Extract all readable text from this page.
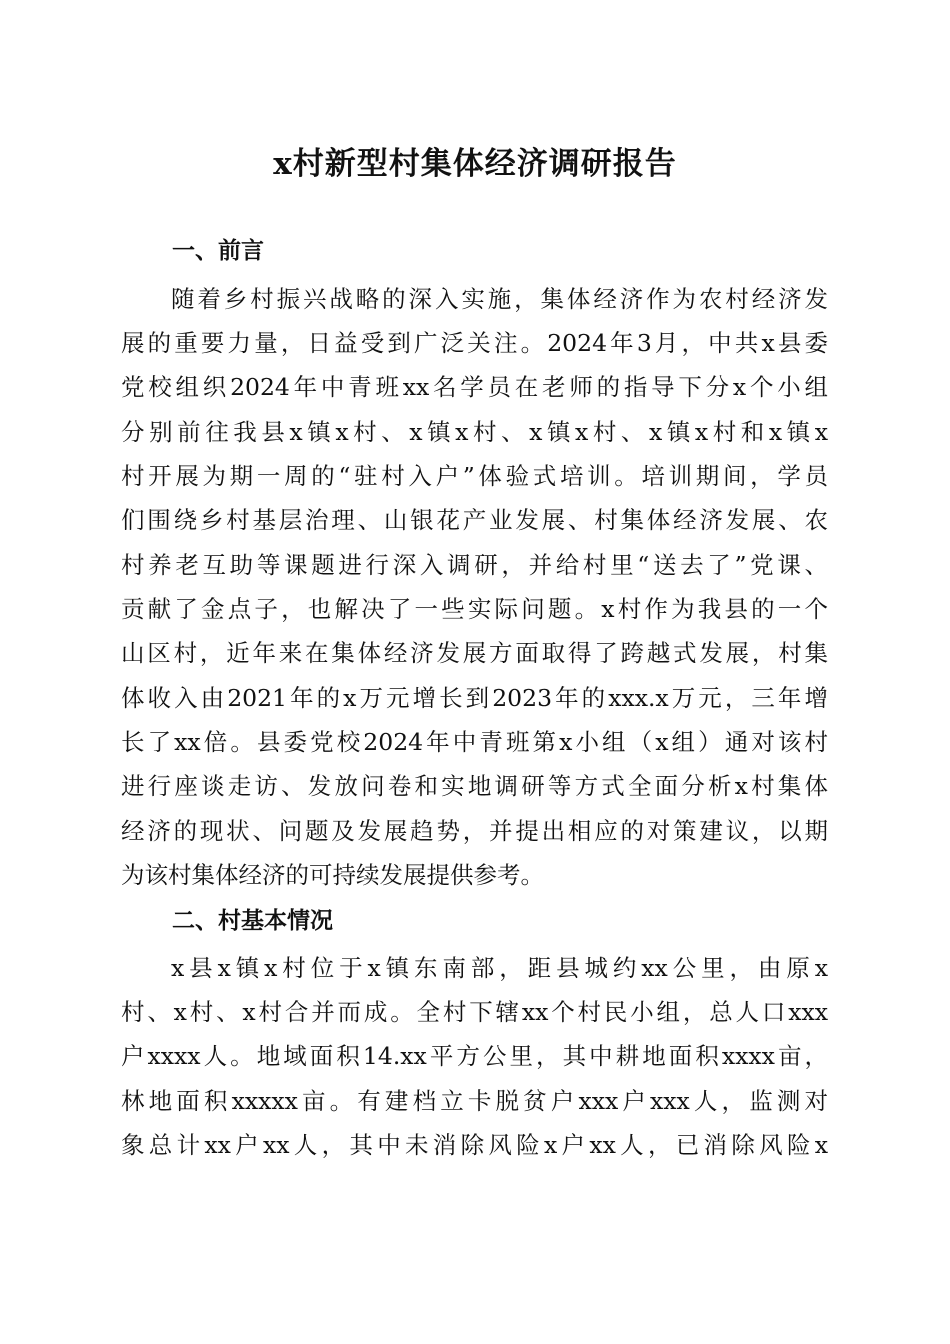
x村新型村集体经济调研报告
一、前言
随着乡村振兴战略的深入实施，集体经济作为农村经济发
展的重要力量，日益受到广泛关注。2024年3月，中共x县委
党校组织2024年中青班xx名学员在老师的指导下分x个小组
分别前往我县x镇x村、x镇x村、x镇x村、x镇x村和x镇x
村开展为期一周的“驻村入户”体验式培训。培训期间，学员
们围绕乡村基层治理、山银花产业发展、村集体经济发展、农
村养老互助等课题进行深入调研，并给村里“送去了”党课、
贡献了金点子，也解决了一些实际问题。x村作为我县的一个
山区村，近年来在集体经济发展方面取得了跨越式发展，村集
体收入由2021年的x万元增长到2023年的xxx.x万元，三年增
长了xx倍。县委党校2024年中青班第x小组（x组）通对该村
进行座谈走访、发放问卷和实地调研等方式全面分析x村集体
经济的现状、问题及发展趋势，并提出相应的对策建议，以期
为该村集体经济的可持续发展提供参考。
二、村基本情况
x县x镇x村位于x镇东南部，距县城约xx公里，由原x
村、x村、x村合并而成。全村下辖xx个村民小组，总人口xxx
户xxxx人。地域面积14.xx平方公里，其中耕地面积xxxx亩，
林地面积xxxxx亩。有建档立卡脱贫户xxx户xxx人，监测对
象总计xx户xx人，其中未消除风险x户xx人，已消除风险x
